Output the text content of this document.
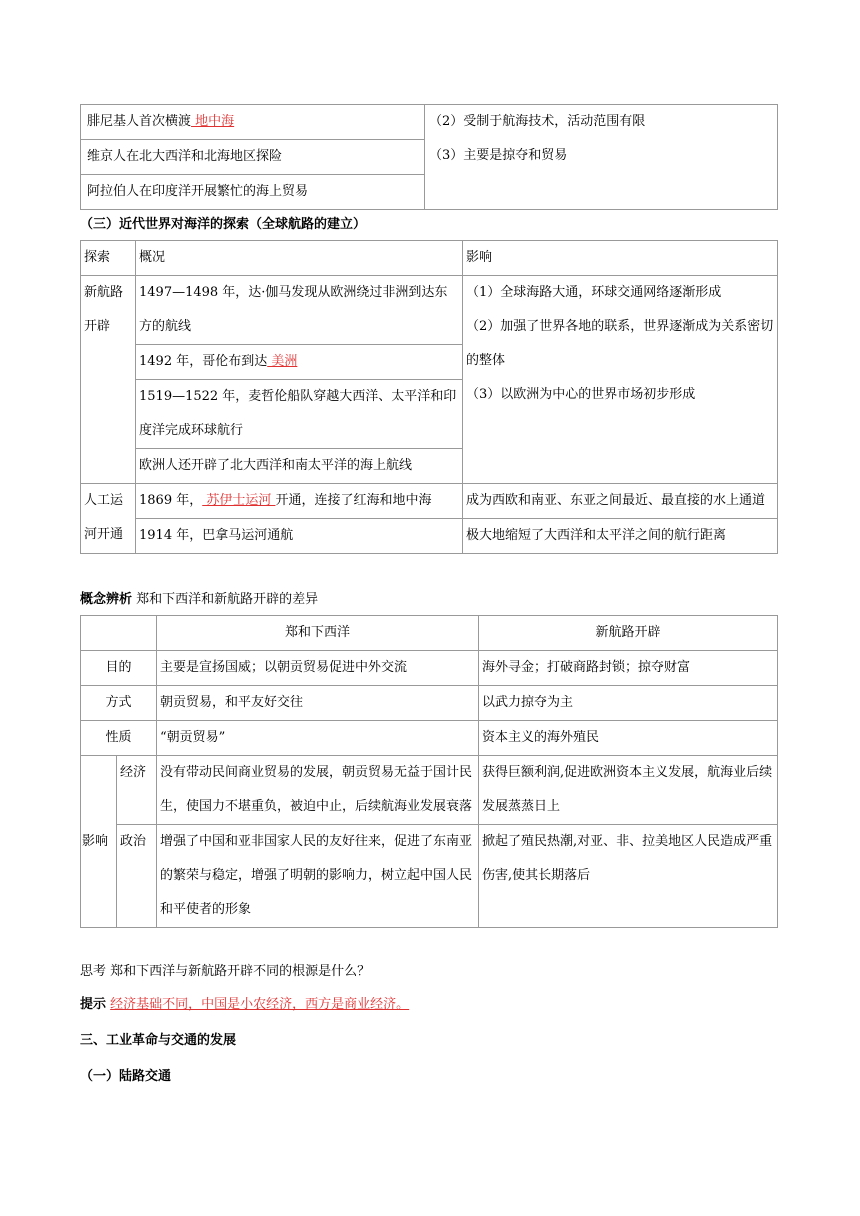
腓尼基人首次横渡 地中海	（2）受制于航海技术，活动范围有限
（3）主要是掠夺和贸易

维京人在北大西洋和北海地区探险
阿拉伯人在印度洋开展繁忙的海上贸易
（三）近代世界对海洋的探索（全球航路的建立）
探索	概况	影响
新航路开辟	1497—1498 年，达·伽马发现从欧洲绕过非洲到达东方的航线	（1）全球海路大通，环球交通网络逐渐形成
（2）加强了世界各地的联系，世界逐渐成为关系密切的整体
（3）以欧洲为中心的世界市场初步形成

	1492 年，哥伦布到达 美洲	
	1519—1522 年，麦哲伦船队穿越大西洋、太平洋和印度洋完成环球航行	
	欧洲人还开辟了北大西洋和南太平洋的海上航线	
人工运河开通	1869 年， 苏伊士运河 开通，连接了红海和地中海	成为西欧和南亚、东亚之间最近、最直接的水上通道
	1914 年，巴拿马运河通航	极大地缩短了大西洋和太平洋之间的航行距离
概念辨析 郑和下西洋和新航路开辟的差异
		郑和下西洋	新航路开辟
目的		主要是宣扬国威；以朝贡贸易促进中外交流	海外寻金；打破商路封锁；掠夺财富
方式		朝贡贸易，和平友好交往	以武力掠夺为主
性质		“朝贡贸易”	资本主义的海外殖民
影响	经济	没有带动民间商业贸易的发展，朝贡贸易无益于国计民生，使国力不堪重负，被迫中止，后续航海业发展衰落	获得巨额利润,促进欧洲资本主义发展，航海业后续发展蒸蒸日上
	政治	增强了中国和亚非国家人民的友好往来，促进了东南亚的繁荣与稳定，增强了明朝的影响力，树立起中国人民和平使者的形象	掀起了殖民热潮,对亚、非、拉美地区人民造成严重伤害,使其长期落后
思考 郑和下西洋与新航路开辟不同的根源是什么？
提示 经济基础不同，中国是小农经济，西方是商业经济。
三、工业革命与交通的发展
（一）陆路交通
